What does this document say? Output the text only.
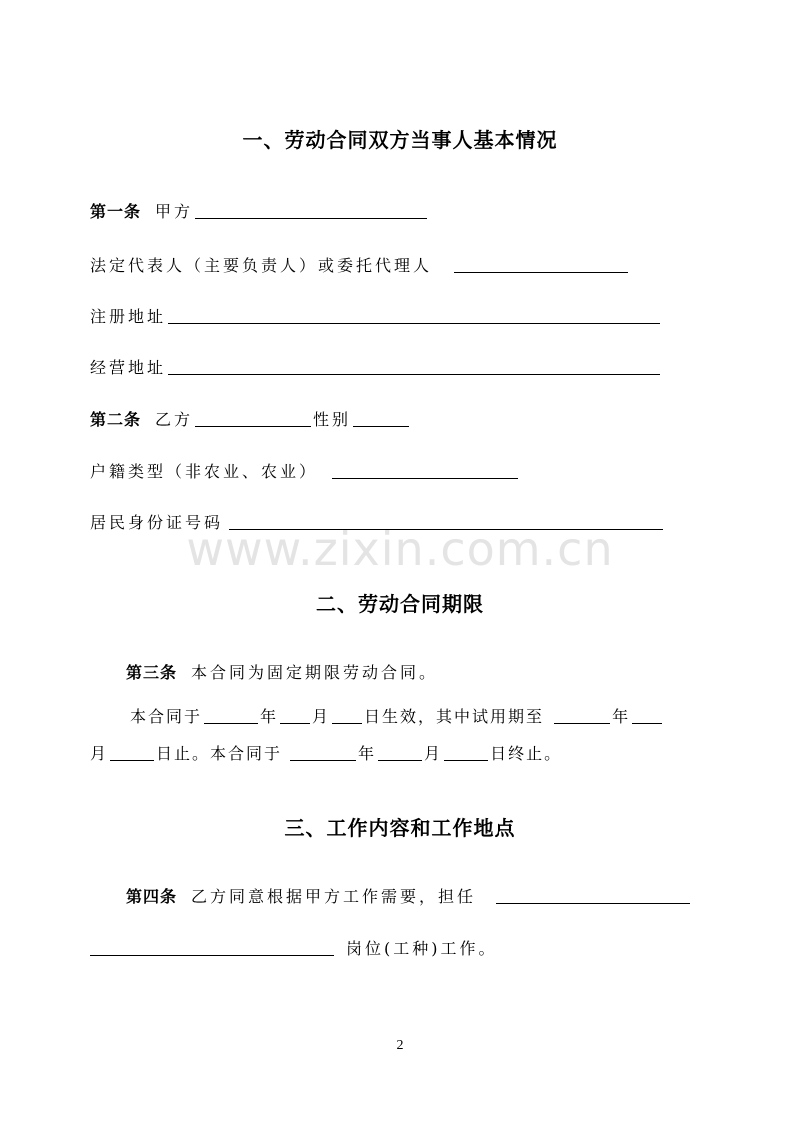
www.zixin.com.cn
一、劳动合同双方当事人基本情况
第一条 甲方
法定代表人（主要负责人）或委托代理人
注册地址
经营地址
第二条 乙方	性别
户籍类型（非农业、农业）
居民身份证号码
二、劳动合同期限
第三条 本合同为固定期限劳动合同。
本合同于	年 月 日生效，其中试用期至	年
月	日止。本合同于	年	月	日终止。
三、工作内容和工作地点
第四条 乙方同意根据甲方工作需要，担任
岗位(工种)工作。
2
